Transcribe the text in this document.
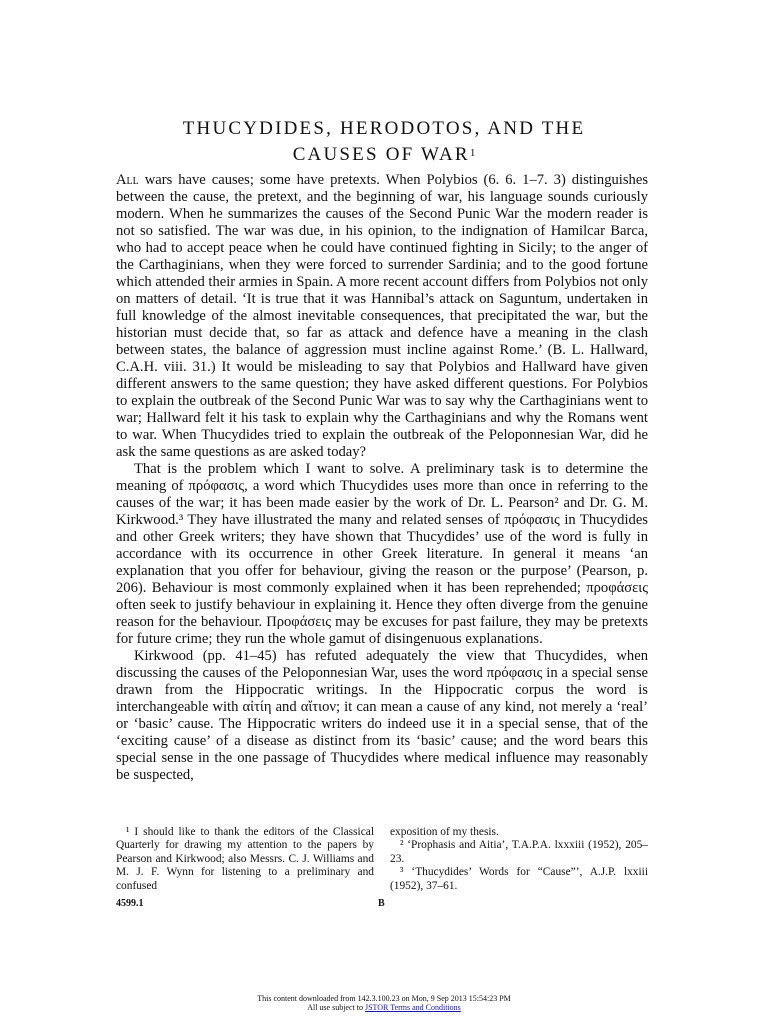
THUCYDIDES, HERODOTOS, AND THE
CAUSES OF WAR$^1$

All wars have causes; some have pretexts. When Polybios (6. 6. 1–7. 3) distinguishes between the cause, the pretext, and the beginning of war, his language sounds curiously modern. When he summarizes the causes of the Second Punic War the modern reader is not so satisfied. The war was due, in his opinion, to the indignation of Hamilcar Barca, who had to accept peace when he could have continued fighting in Sicily; to the anger of the Carthaginians, when they were forced to surrender Sardinia; and to the good fortune which attended their armies in Spain. A more recent account differs from Polybios not only on matters of detail. ‘It is true that it was Hannibal’s attack on Saguntum, undertaken in full knowledge of the almost inevitable consequences, that precipitated the war, but the historian must decide that, so far as attack and defence have a meaning in the clash between states, the balance of aggression must incline against Rome.’ (B. L. Hallward, C.A.H. viii. 31.) It would be misleading to say that Polybios and Hallward have given different answers to the same question; they have asked different questions. For Polybios to explain the outbreak of the Second Punic War was to say why the Carthaginians went to war; Hallward felt it his task to explain why the Carthaginians and why the Romans went to war. When Thucydides tried to explain the outbreak of the Peloponnesian War, did he ask the same questions as are asked today?

That is the problem which I want to solve. A preliminary task is to determine the meaning of πρόφασις, a word which Thucydides uses more than once in referring to the causes of the war; it has been made easier by the work of Dr. L. Pearson² and Dr. G. M. Kirkwood.³ They have illustrated the many and related senses of πρόφασις in Thucydides and other Greek writers; they have shown that Thucydides’ use of the word is fully in accordance with its occurrence in other Greek literature. In general it means ‘an explanation that you offer for behaviour, giving the reason or the purpose’ (Pearson, p. 206). Behaviour is most commonly explained when it has been reprehended; προφάσεις often seek to justify behaviour in explaining it. Hence they often diverge from the genuine reason for the behaviour. Προφάσεις may be excuses for past failure, they may be pretexts for future crime; they run the whole gamut of disingenuous explanations.

Kirkwood (pp. 41–45) has refuted adequately the view that Thucydides, when discussing the causes of the Peloponnesian War, uses the word πρόφασις in a special sense drawn from the Hippocratic writings. In the Hippocratic corpus the word is interchangeable with αἰτίη and αἴτιον; it can mean a cause of any kind, not merely a ‘real’ or ‘basic’ cause. The Hippocratic writers do indeed use it in a special sense, that of the ‘exciting cause’ of a disease as distinct from its ‘basic’ cause; and the word bears this special sense in the one passage of Thucydides where medical influence may reasonably be suspected,

¹ I should like to thank the editors of the Classical Quarterly for drawing my attention to the papers by Pearson and Kirkwood; also Messrs. C. J. Williams and M. J. F. Wynn for listening to a preliminary and confused

exposition of my thesis.

² ‘Prophasis and Aitia’, T.A.P.A. lxxxiii (1952), 205–23.

³ ‘Thucydides’ Words for “Cause”’, A.J.P. lxxiii (1952), 37–61.

4599.1	B
This content downloaded from 142.3.100.23 on Mon, 9 Sep 2013 15:54:23 PM
All use subject to JSTOR Terms and Conditions
